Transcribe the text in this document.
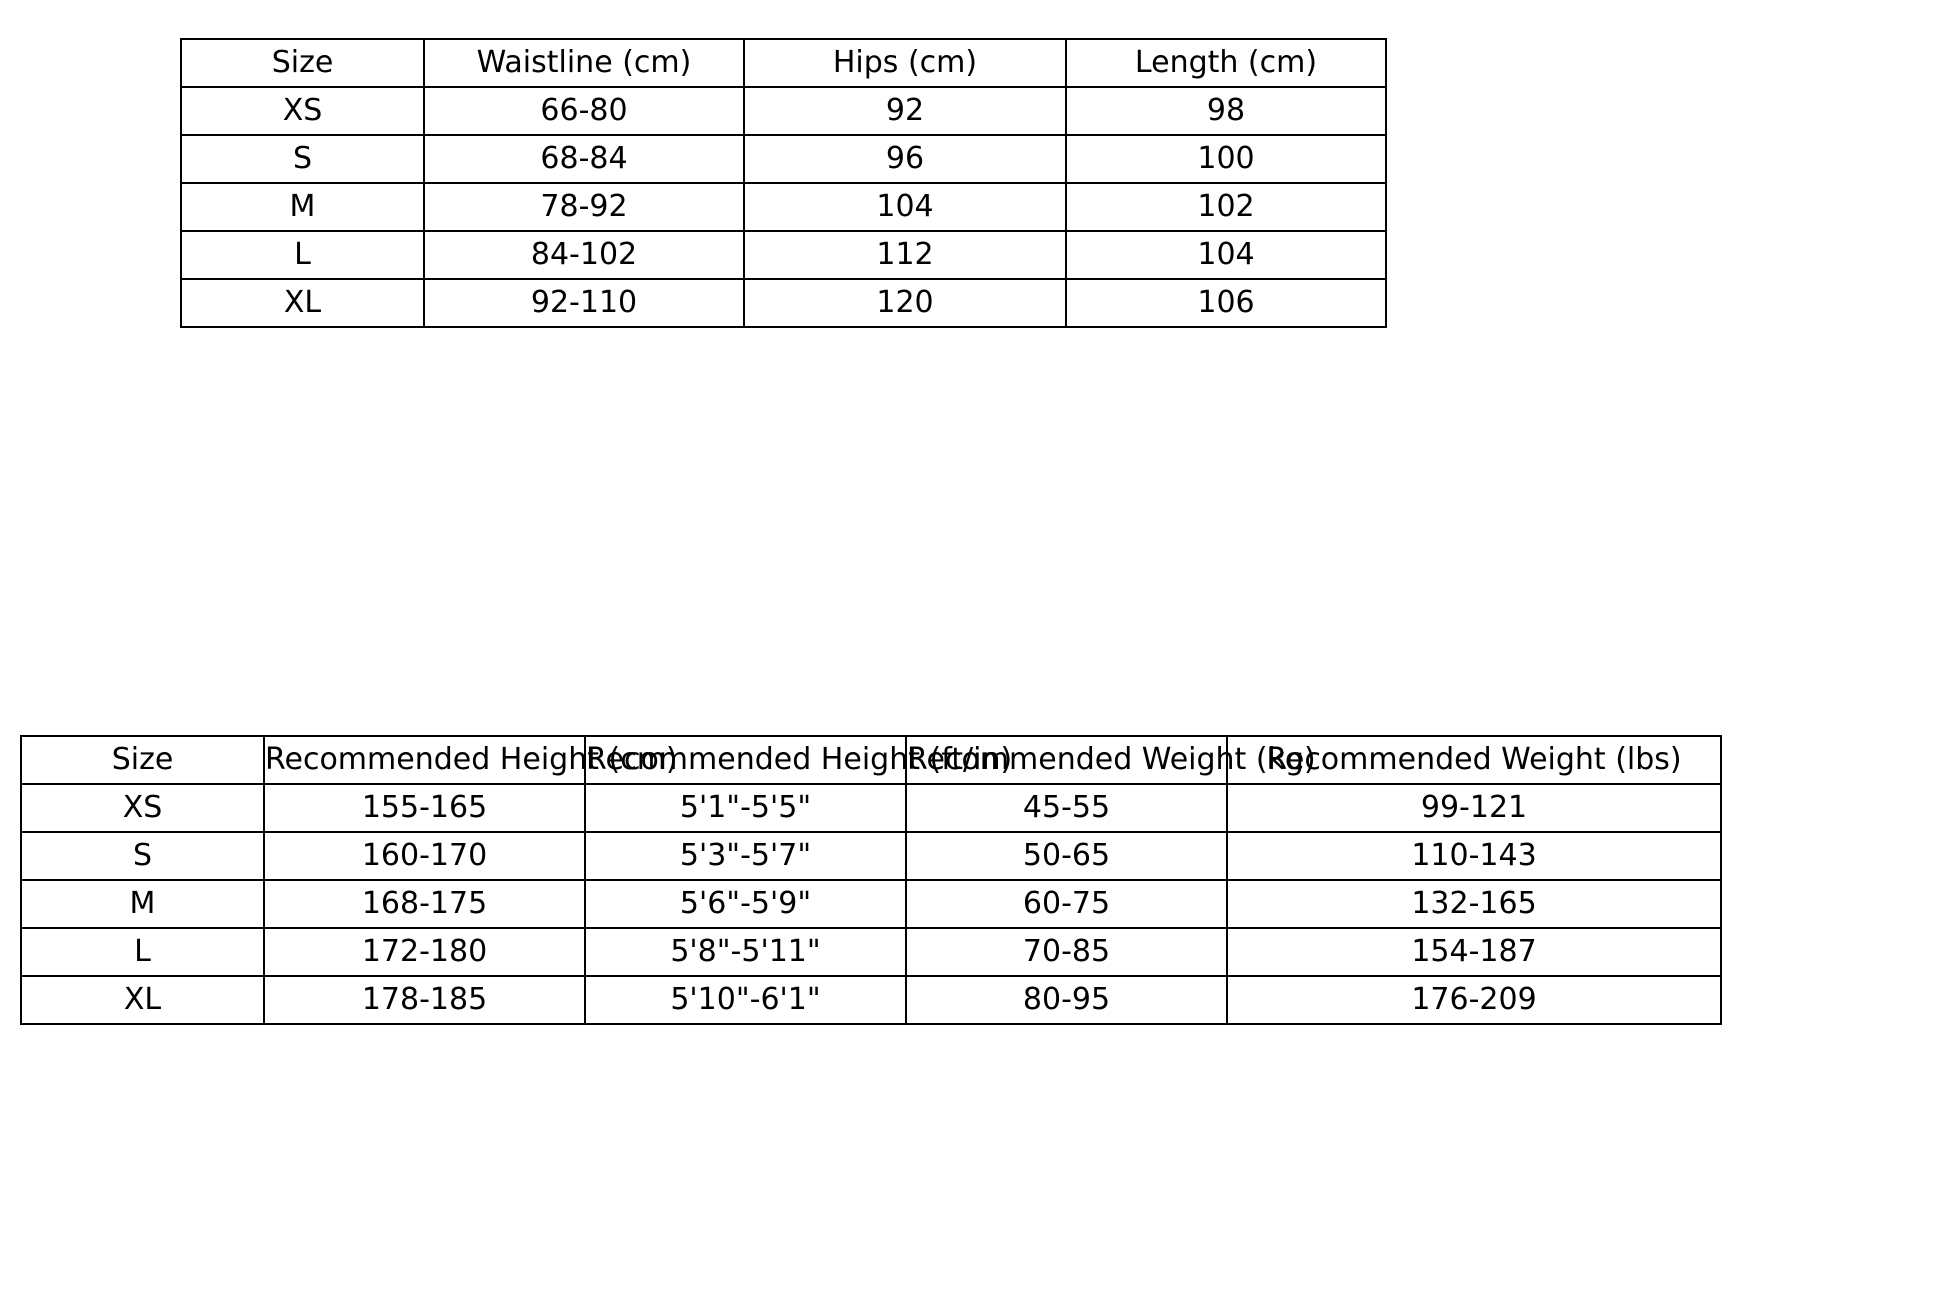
Size	Waistline (cm)	Hips (cm)	Length (cm)
XS	66-80	92	98
S	68-84	96	100
M	78-92	104	102
L	84-102	112	104
XL	92-110	120	106
Size	Recommended Height (cm)	Recommended Height (ft/in)	Recommended Weight (kg)	Recommended Weight (lbs)
XS	155-165	5'1"-5'5"	45-55	99-121
S	160-170	5'3"-5'7"	50-65	110-143
M	168-175	5'6"-5'9"	60-75	132-165
L	172-180	5'8"-5'11"	70-85	154-187
XL	178-185	5'10"-6'1"	80-95	176-209
